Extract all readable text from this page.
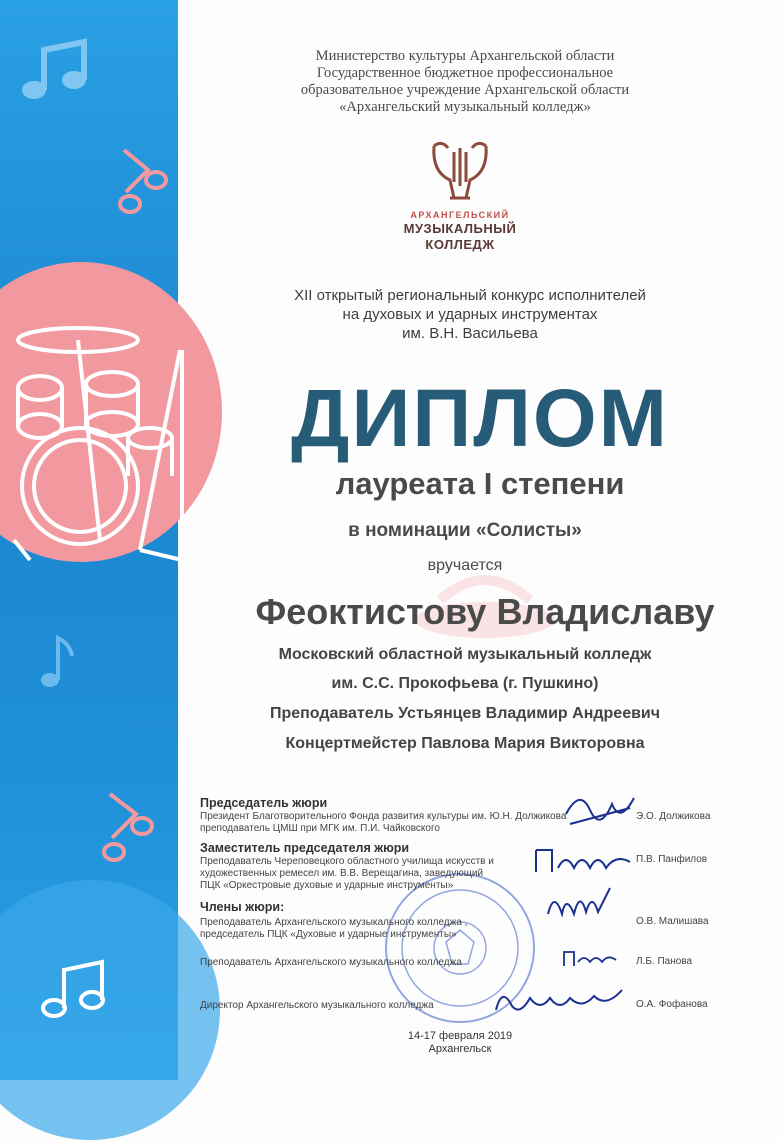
Министерство культуры Архангельской области
Государственное бюджетное профессиональное
образовательное учреждение Архангельской области
«Архангельский музыкальный колледж»
АРХАНГЕЛЬСКИЙ
МУЗЫКАЛЬНЫЙ
КОЛЛЕДЖ
XII открытый региональный конкурс исполнителей
на духовых и ударных инструментах
им. В.Н. Васильева
ДИПЛОМ
лауреата I степени
в номинации «Солисты»
вручается
Феоктистову Владиславу
Московский областной музыкальный колледж
им. С.С. Прокофьева (г. Пушкино)
Преподаватель Устьянцев Владимир Андреевич
Концертмейстер Павлова Мария Викторовна
Председатель жюри
Президент Благотворительного Фонда развития культуры им. Ю.Н. Должикова
преподаватель ЦМШ при МГК им. П.И. Чайковского
Э.О. Должикова
Заместитель председателя жюри
Преподаватель Череповецкого областного училища искусств и
художественных ремесел им. В.В. Верещагина, заведующий
ПЦК «Оркестровые духовые и ударные инструменты»
П.В. Панфилов
Члены жюри:
Преподаватель Архангельского музыкального колледжа ,
председатель ПЦК «Духовые и ударные инструменты»
О.В. Малишава
Преподаватель Архангельского музыкального колледжа	Л.Б. Панова
Директор Архангельского музыкального колледжа	О.А. Фофанова
14-17 февраля 2019
Архангельск
